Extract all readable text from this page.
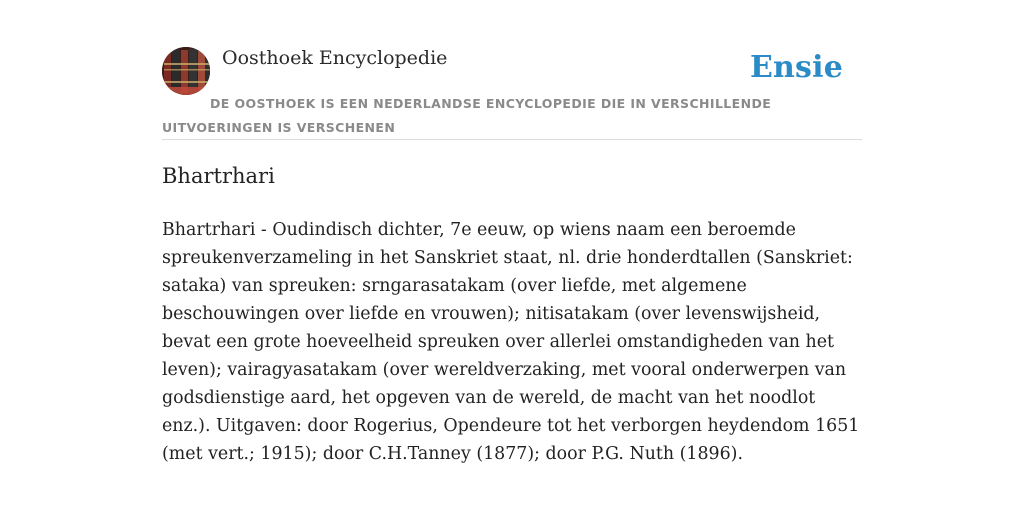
Oosthoek Encyclopedie	Ensie
DE OOSTHOEK IS EEN NEDERLANDSE ENCYCLOPEDIE DIE IN VERSCHILLENDE UITVOERINGEN IS VERSCHENEN
Bhartrhari

Bhartrhari - Oudindisch dichter, 7e eeuw, op wiens naam een beroemde spreukenverzameling in het Sanskriet staat, nl. drie honderdtallen (Sanskriet: sataka) van spreuken: srngarasatakam (over liefde, met algemene beschouwingen over liefde en vrouwen); nitisatakam (over levenswijsheid, bevat een grote hoeveelheid spreuken over allerlei omstandigheden van het leven); vairagyasatakam (over wereldverzaking, met vooral onderwerpen van godsdienstige aard, het opgeven van de wereld, de macht van het noodlot enz.). Uitgaven: door Rogerius, Opendeure tot het verborgen heydendom 1651 (met vert.; 1915); door C.H.Tanney (1877); door P.G. Nuth (1896).
